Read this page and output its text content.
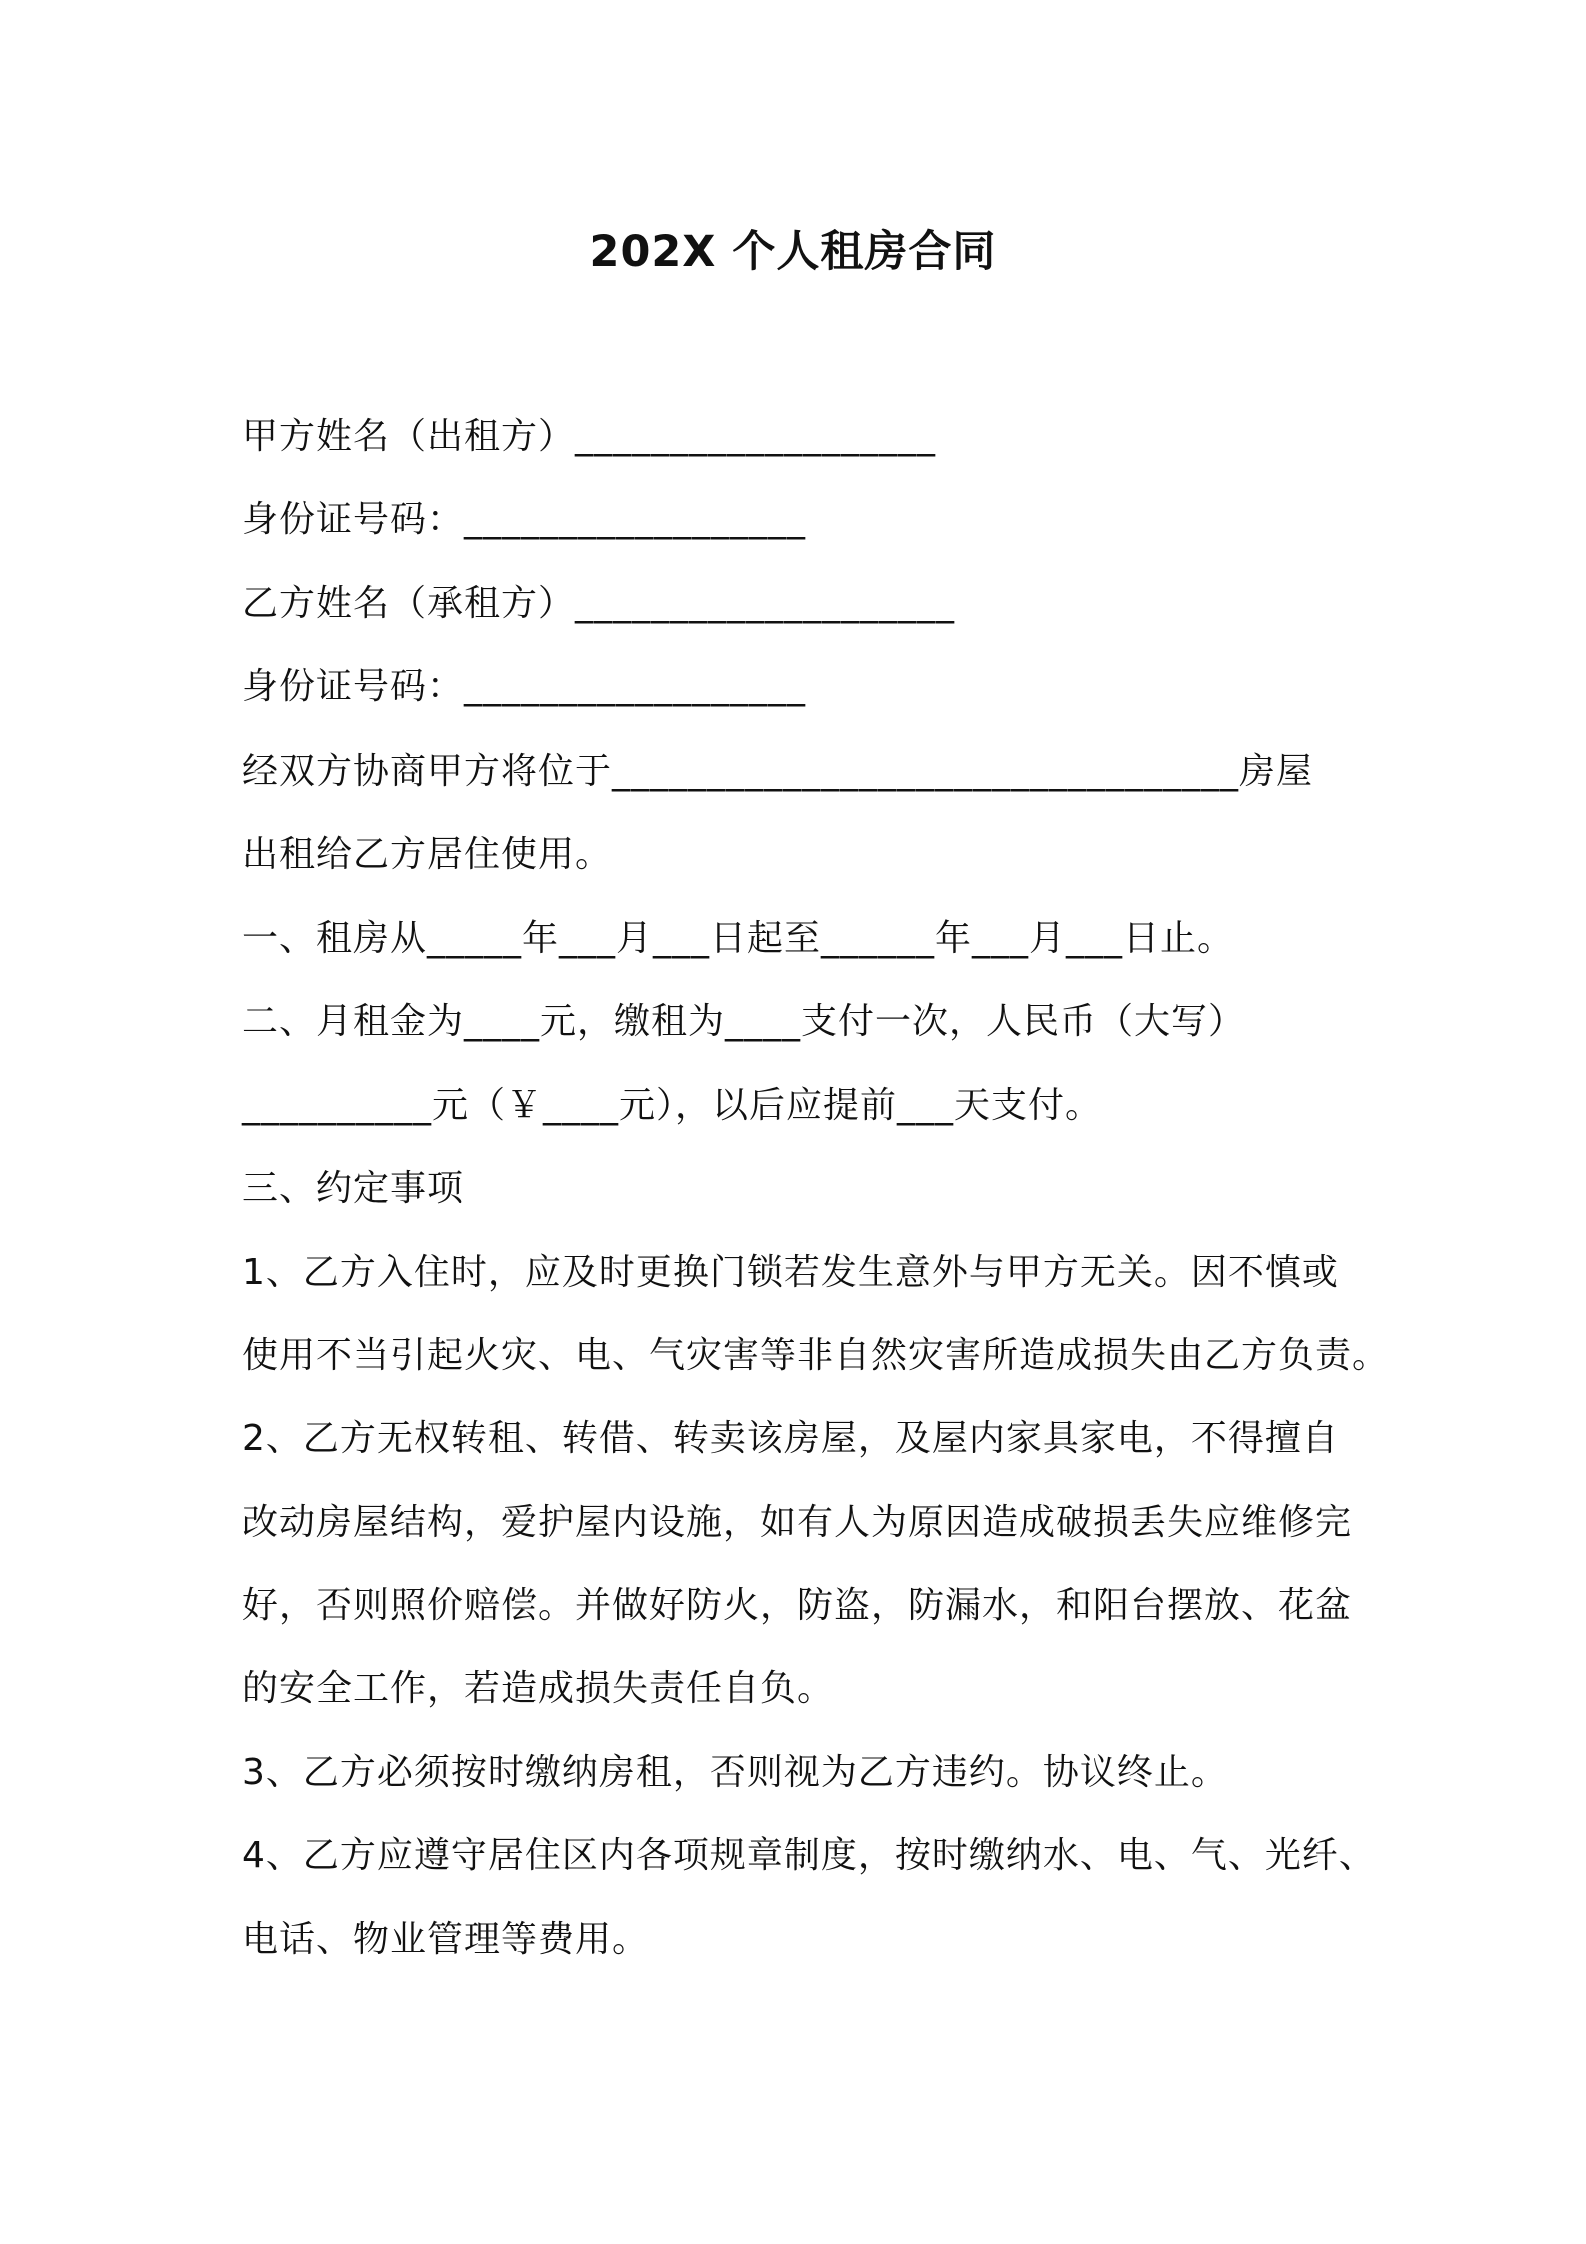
202X 个人租房合同
甲方姓名（出租方）___________________
身份证号码：__________________
乙方姓名（承租方）____________________
身份证号码：__________________
经双方协商甲方将位于_________________________________房屋
出租给乙方居住使用。
一、租房从_____年___月___日起至______年___月___日止。
二、月租金为____元，缴租为____支付一次，人民币（大写）
__________元（￥____元），以后应提前___天支付。
三、约定事项
1、乙方入住时，应及时更换门锁若发生意外与甲方无关。因不慎或
使用不当引起火灾、电、气灾害等非自然灾害所造成损失由乙方负责。
2、乙方无权转租、转借、转卖该房屋，及屋内家具家电，不得擅自
改动房屋结构，爱护屋内设施，如有人为原因造成破损丢失应维修完
好，否则照价赔偿。并做好防火，防盗，防漏水，和阳台摆放、花盆
的安全工作，若造成损失责任自负。
3、乙方必须按时缴纳房租，否则视为乙方违约。协议终止。
4、乙方应遵守居住区内各项规章制度，按时缴纳水、电、气、光纤、
电话、物业管理等费用。
